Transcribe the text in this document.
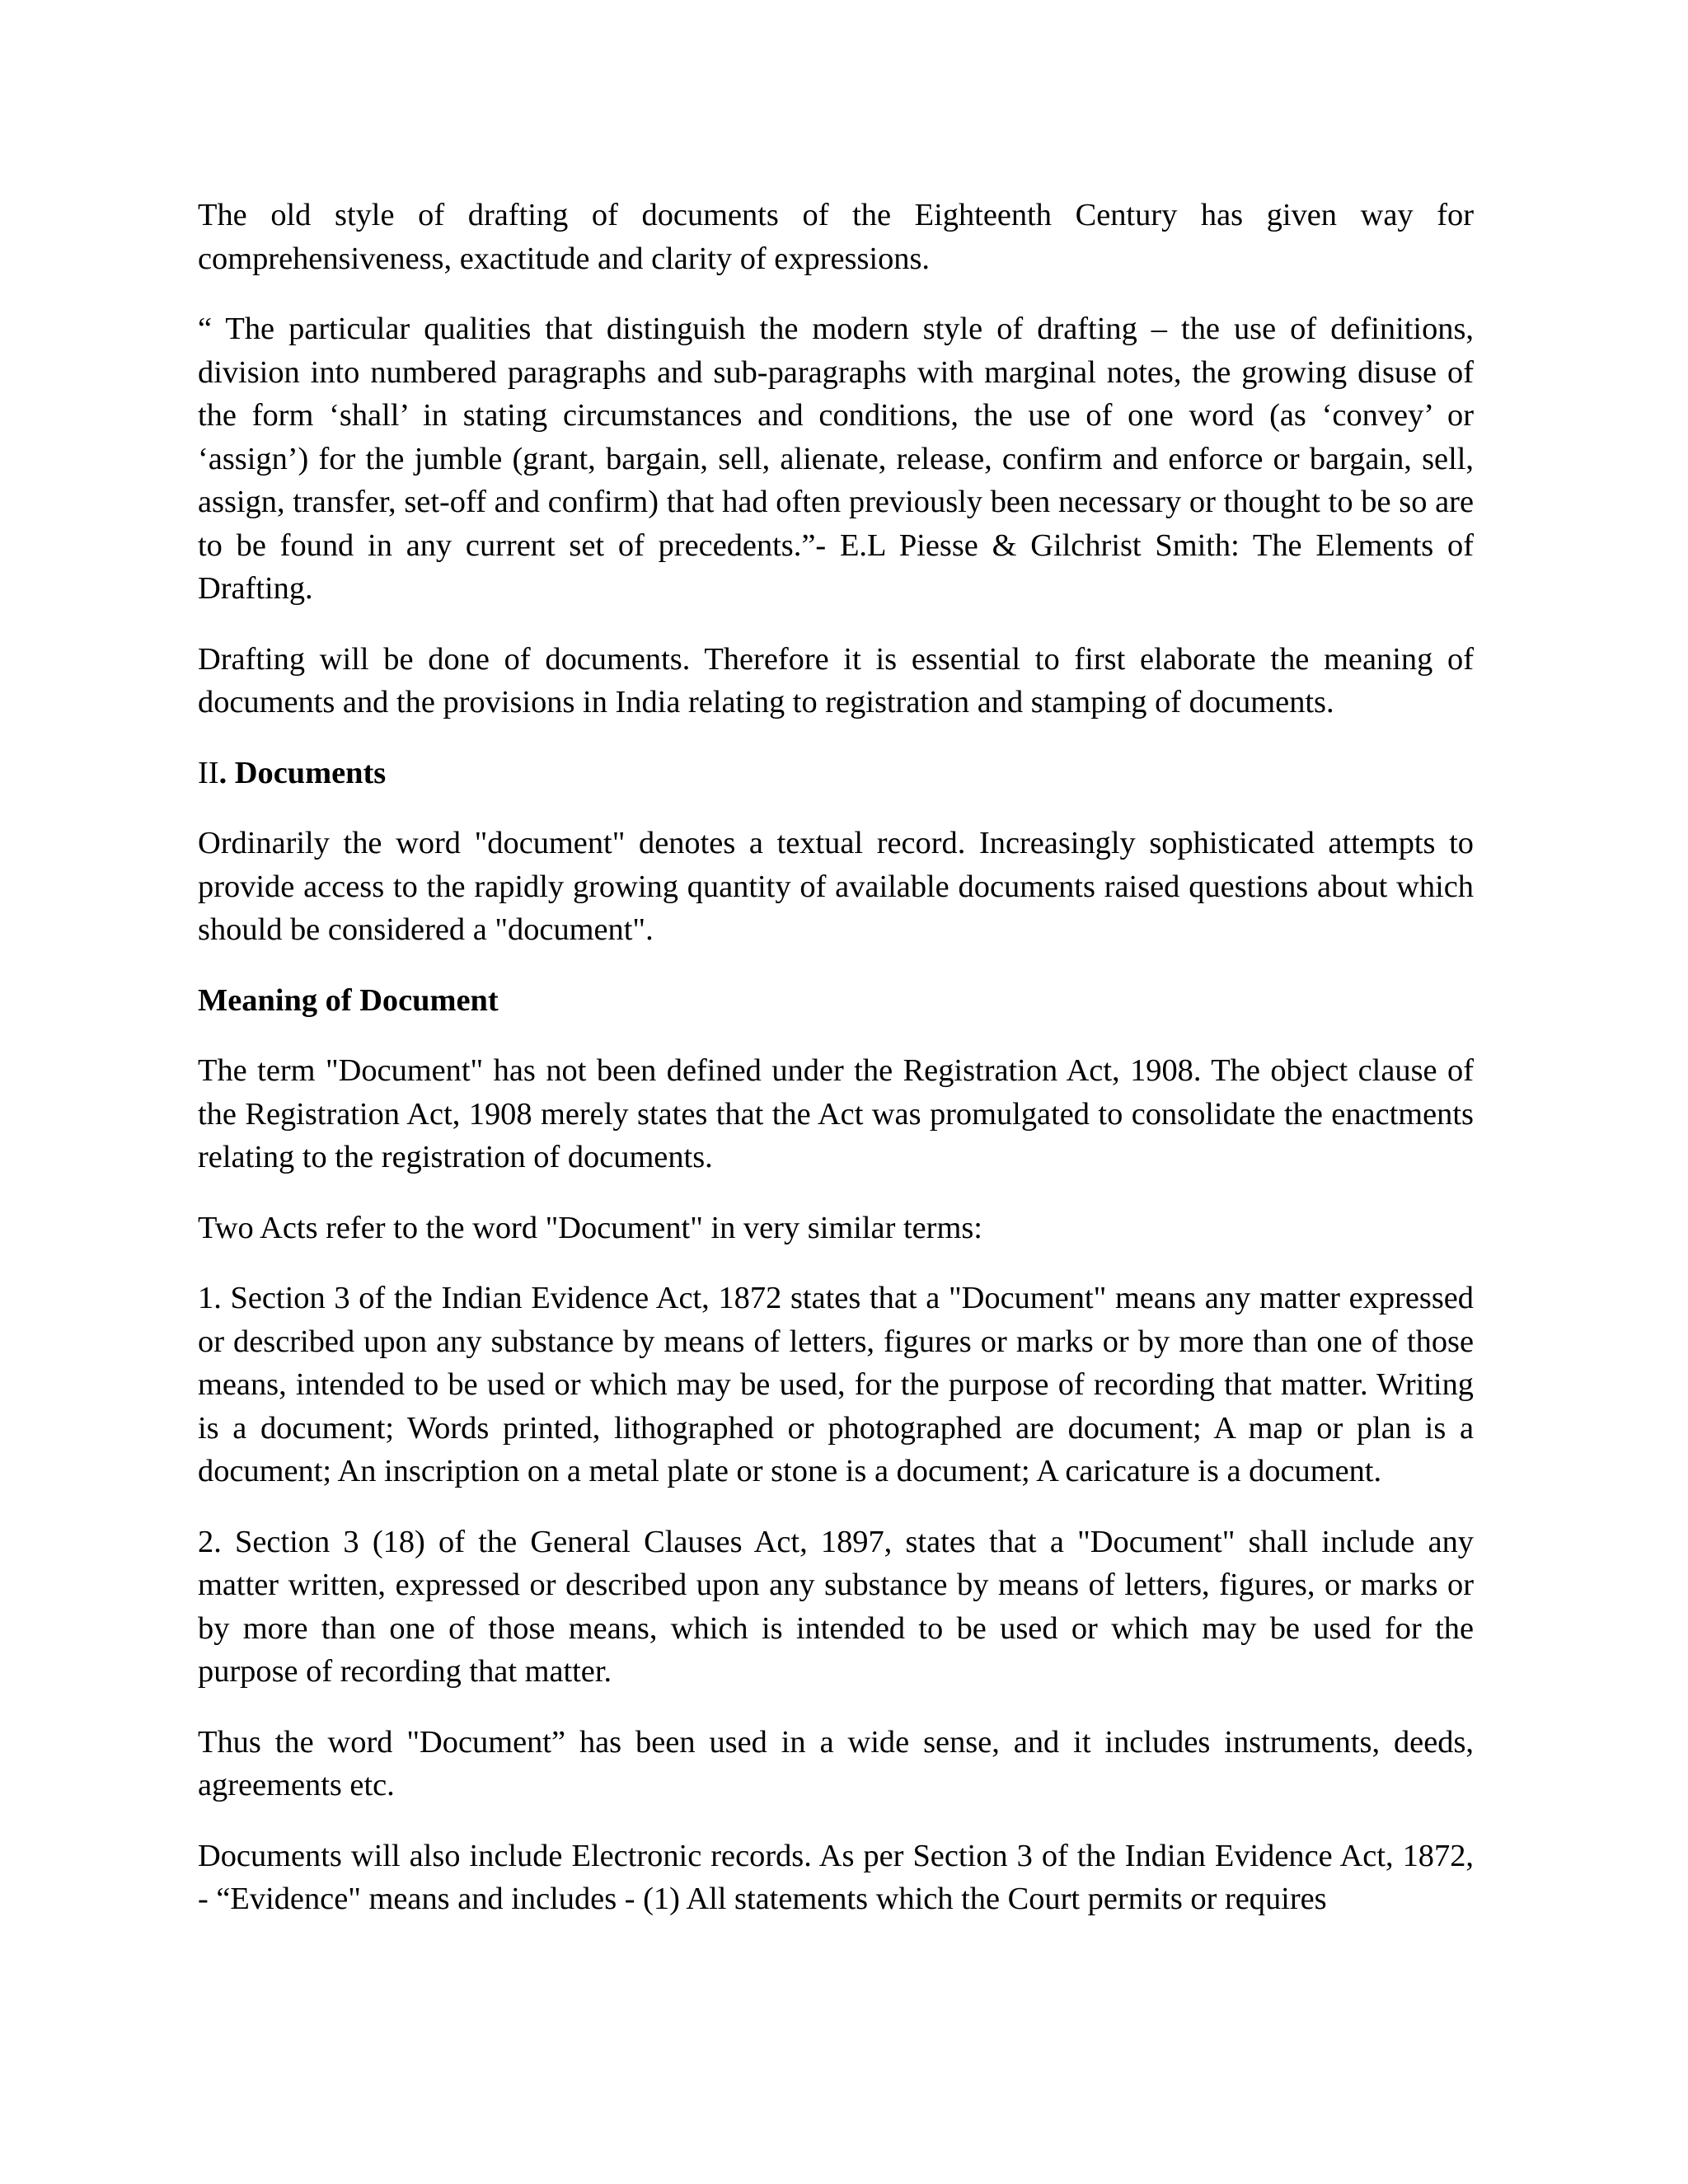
The old style of drafting of documents of the Eighteenth Century has given way for comprehensiveness, exactitude and clarity of expressions.

“ The particular qualities that distinguish the modern style of drafting – the use of definitions, division into numbered paragraphs and sub-paragraphs with marginal notes, the growing disuse of the form ‘shall’ in stating circumstances and conditions, the use of one word (as ‘convey’ or ‘assign’) for the jumble (grant, bargain, sell, alienate, release, confirm and enforce or bargain, sell, assign, transfer, set-off and confirm) that had often previously been necessary or thought to be so are to be found in any current set of precedents.”- E.L Piesse & Gilchrist Smith: The Elements of Drafting.

Drafting will be done of documents. Therefore it is essential to first elaborate the meaning of documents and the provisions in India relating to registration and stamping of documents.

II. Documents

Ordinarily the word "document" denotes a textual record. Increasingly sophisticated attempts to provide access to the rapidly growing quantity of available documents raised questions about which should be considered a "document".

Meaning of Document

The term "Document" has not been defined under the Registration Act, 1908. The object clause of the Registration Act, 1908 merely states that the Act was promulgated to consolidate the enactments relating to the registration of documents.

Two Acts refer to the word "Document" in very similar terms:

1. Section 3 of the Indian Evidence Act, 1872 states that a "Document" means any matter expressed or described upon any substance by means of letters, figures or marks or by more than one of those means, intended to be used or which may be used, for the purpose of recording that matter. Writing is a document; Words printed, lithographed or photographed are document; A map or plan is a document; An inscription on a metal plate or stone is a document; A caricature is a document.

2. Section 3 (18) of the General Clauses Act, 1897, states that a "Document" shall include any matter written, expressed or described upon any substance by means of letters, figures, or marks or by more than one of those means, which is intended to be used or which may be used for the purpose of recording that matter.

Thus the word "Document” has been used in a wide sense, and it includes instruments, deeds, agreements etc.

Documents will also include Electronic records. As per Section 3 of the Indian Evidence Act, 1872, - “Evidence" means and includes - (1) All statements which the Court permits or requires
